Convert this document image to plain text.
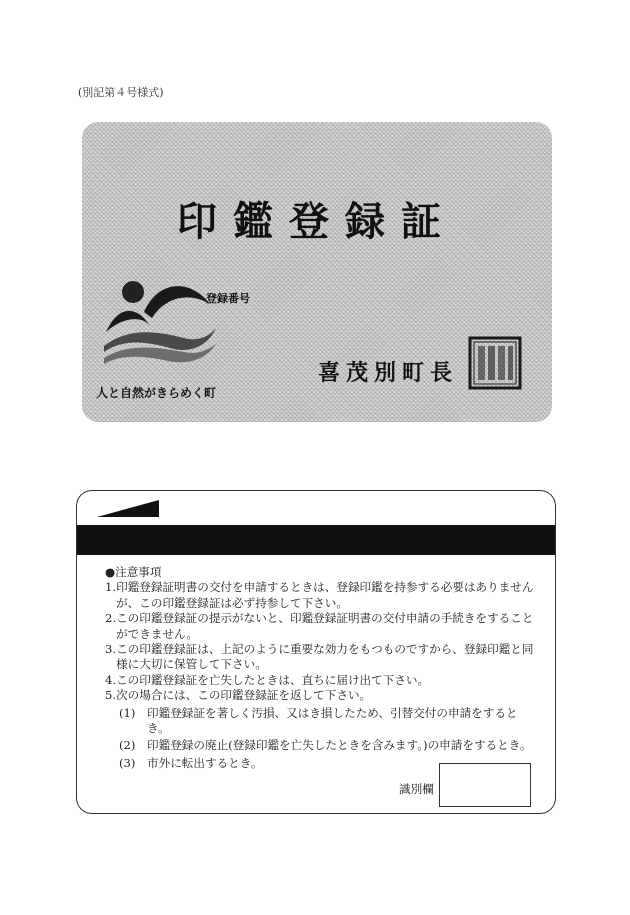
(別記第４号様式)
印鑑登録証
登録番号
人と自然がきらめく町
喜茂別町長
●注意事項
1. 印鑑登録証明書の交付を申請するときは、登録印鑑を持参する必要はありませんが、この印鑑登録証は必ず持参して下さい。
2. この印鑑登録証の提示がないと、印鑑登録証明書の交付申請の手続きをすることができません。
3. この印鑑登録証は、上記のように重要な効力をもつものですから、登録印鑑と同様に大切に保管して下さい。
4. この印鑑登録証を亡失したときは、直ちに届け出て下さい。
5. 次の場合には、この印鑑登録証を返して下さい。
(1) 印鑑登録証を著しく汚損、又はき損したため、引替交付の申請をするとき。
(2) 印鑑登録の廃止(登録印鑑を亡失したときを含みます。)の申請をするとき。
(3) 市外に転出するとき。
識別欄
